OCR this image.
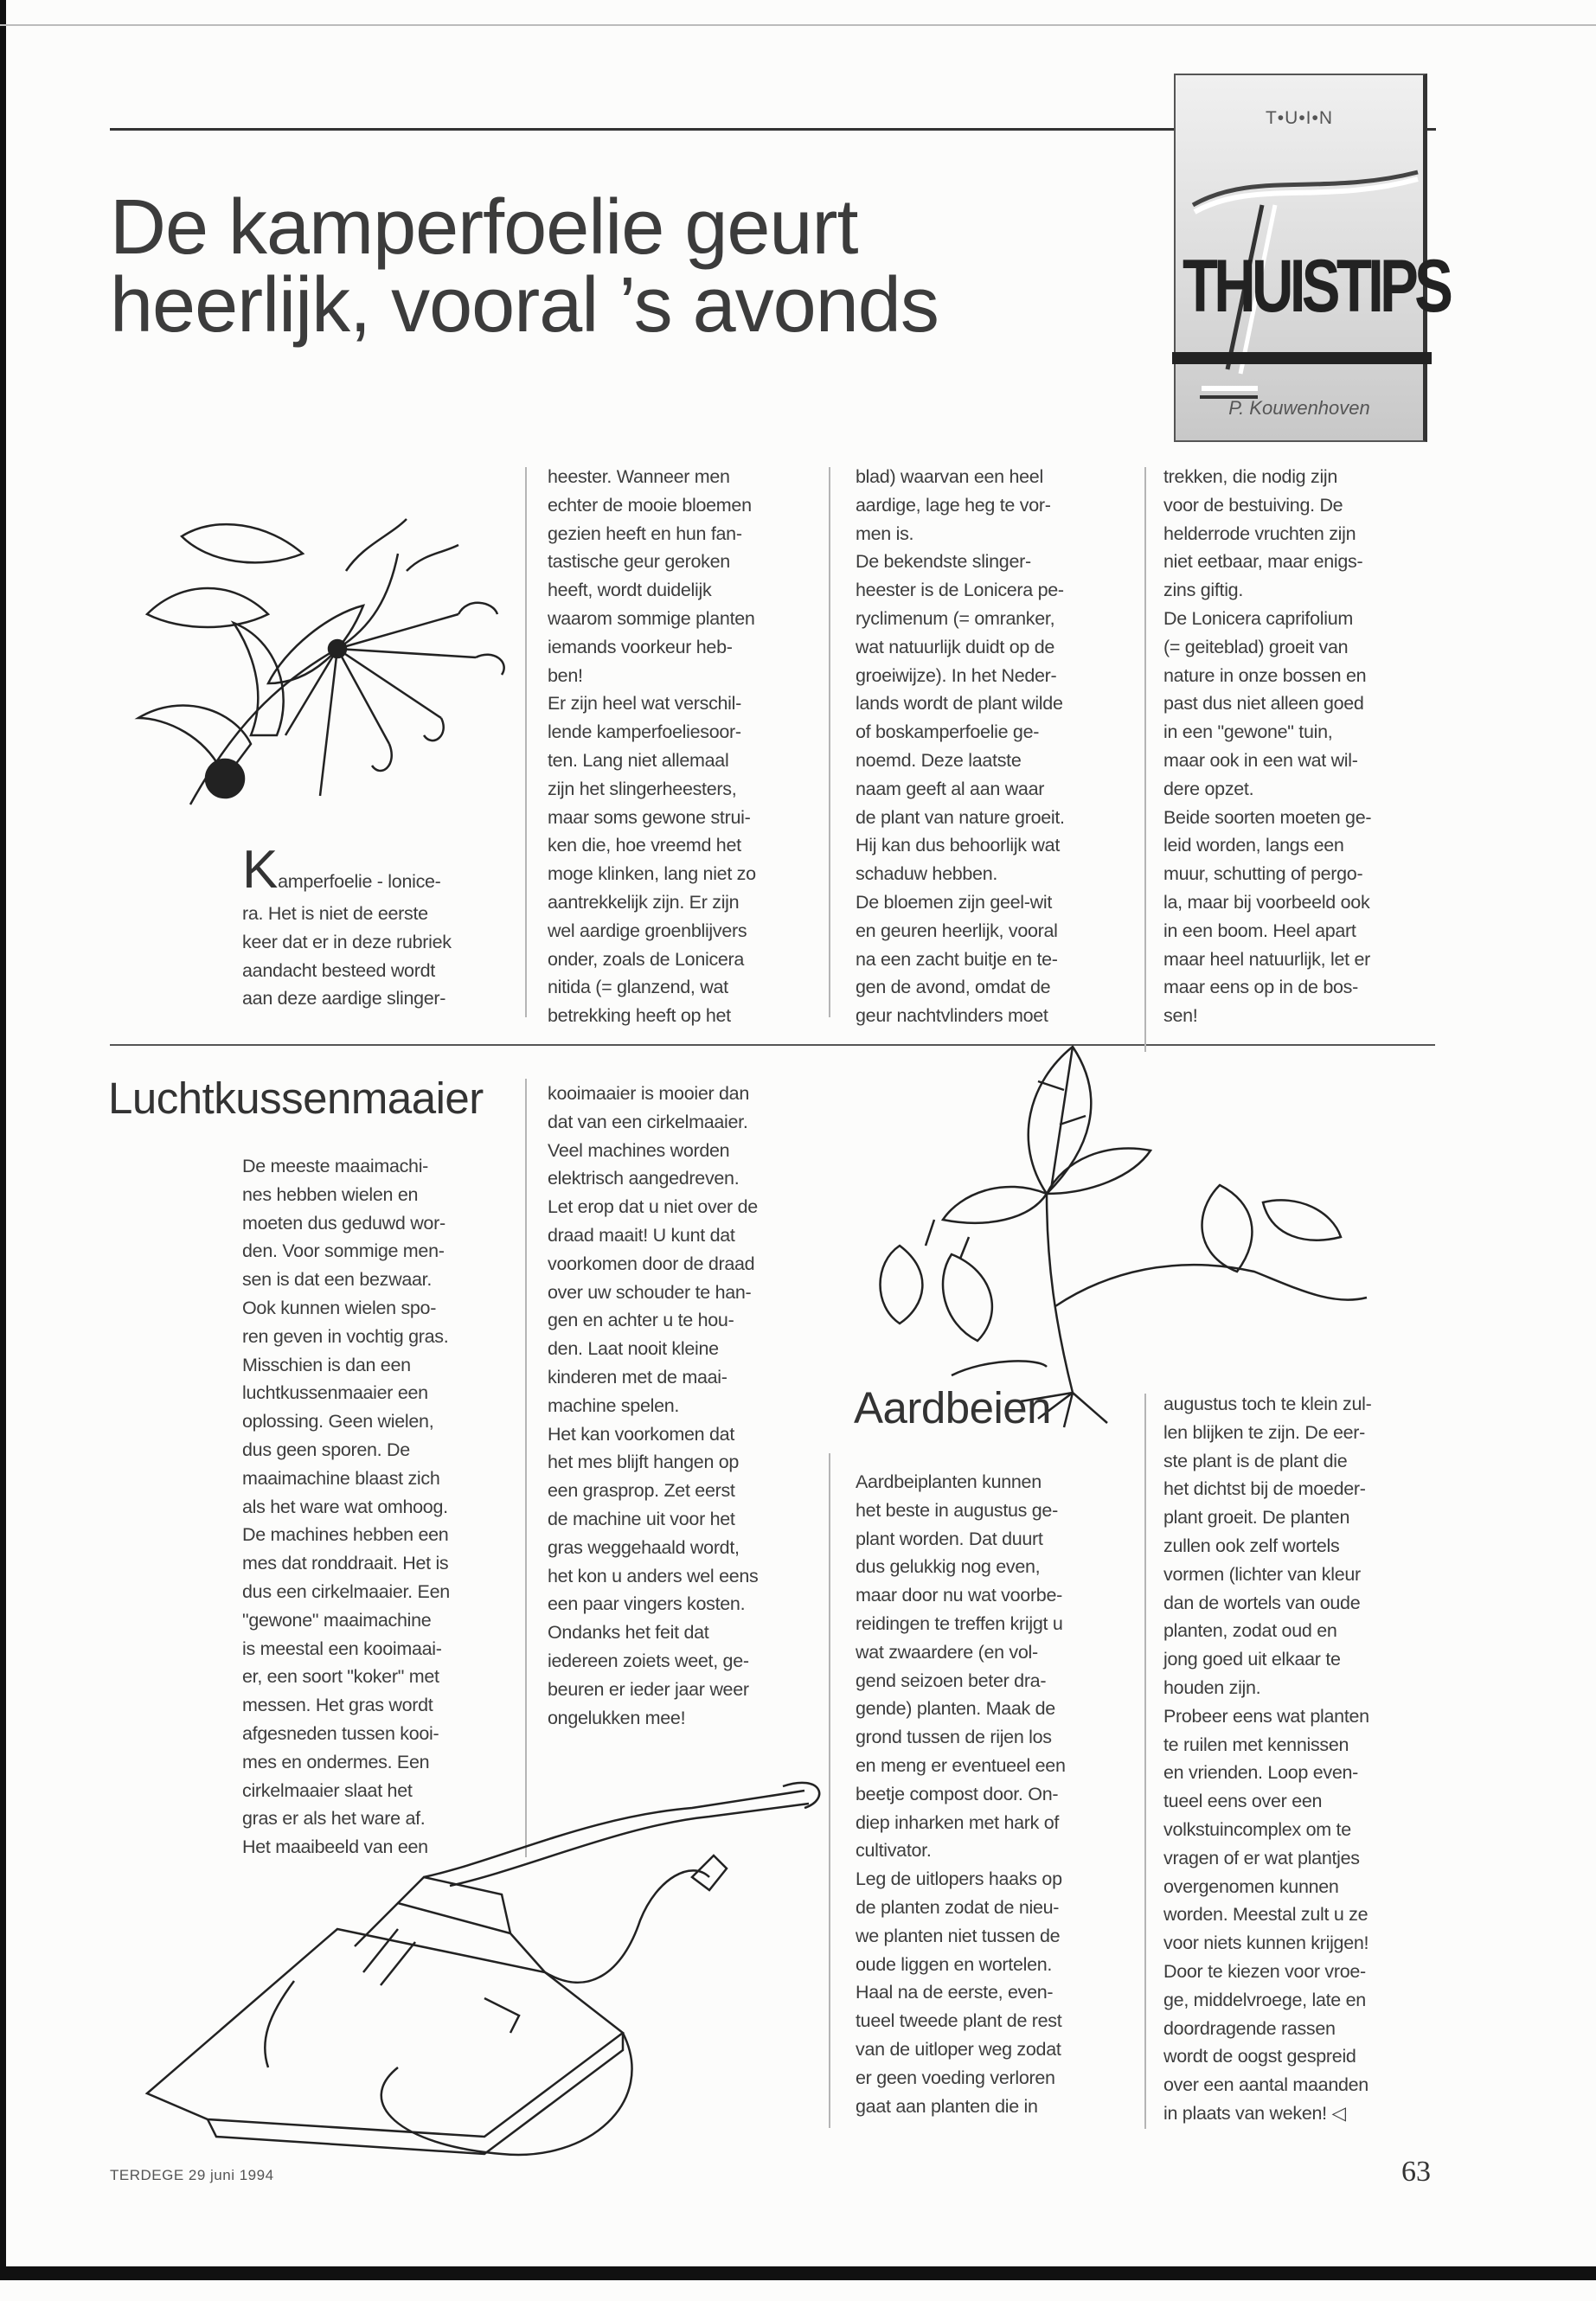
De kamperfoelie geurt
heerlijk, vooral ’s avonds
T•U•I•N
THUISTIPS
P. Kouwenhoven
Kamperfoelie - lonice-
ra. Het is niet de eerste
keer dat er in deze rubriek
aandacht besteed wordt
aan deze aardige slinger-
heester. Wanneer men
echter de mooie bloemen
gezien heeft en hun fan-
tastische geur geroken
heeft, wordt duidelijk
waarom sommige planten
iemands voorkeur heb-
ben!
Er zijn heel wat verschil-
lende kamperfoeliesoor-
ten. Lang niet allemaal
zijn het slingerheesters,
maar soms gewone strui-
ken die, hoe vreemd het
moge klinken, lang niet zo
aantrekkelijk zijn. Er zijn
wel aardige groenblijvers
onder, zoals de Lonicera
nitida (= glanzend, wat
betrekking heeft op het
blad) waarvan een heel
aardige, lage heg te vor-
men is.
De bekendste slinger-
heester is de Lonicera pe-
ryclimenum (= omranker,
wat natuurlijk duidt op de
groeiwijze). In het Neder-
lands wordt de plant wilde
of boskamperfoelie ge-
noemd. Deze laatste
naam geeft al aan waar
de plant van nature groeit.
Hij kan dus behoorlijk wat
schaduw hebben.
De bloemen zijn geel-wit
en geuren heerlijk, vooral
na een zacht buitje en te-
gen de avond, omdat de
geur nachtvlinders moet
trekken, die nodig zijn
voor de bestuiving. De
helderrode vruchten zijn
niet eetbaar, maar enigs-
zins giftig.
De Lonicera caprifolium
(= geiteblad) groeit van
nature in onze bossen en
past dus niet alleen goed
in een "gewone" tuin,
maar ook in een wat wil-
dere opzet.
Beide soorten moeten ge-
leid worden, langs een
muur, schutting of pergo-
la, maar bij voorbeeld ook
in een boom. Heel apart
maar heel natuurlijk, let er
maar eens op in de bos-
sen!
Luchtkussenmaaier
De meeste maaimachi-
nes hebben wielen en
moeten dus geduwd wor-
den. Voor sommige men-
sen is dat een bezwaar.
Ook kunnen wielen spo-
ren geven in vochtig gras.
Misschien is dan een
luchtkussenmaaier een
oplossing. Geen wielen,
dus geen sporen. De
maaimachine blaast zich
als het ware wat omhoog.
De machines hebben een
mes dat ronddraait. Het is
dus een cirkelmaaier. Een
"gewone" maaimachine
is meestal een kooimaai-
er, een soort "koker" met
messen. Het gras wordt
afgesneden tussen kooi-
mes en ondermes. Een
cirkelmaaier slaat het
gras er als het ware af.
Het maaibeeld van een
kooimaaier is mooier dan
dat van een cirkelmaaier.
Veel machines worden
elektrisch aangedreven.
Let erop dat u niet over de
draad maait! U kunt dat
voorkomen door de draad
over uw schouder te han-
gen en achter u te hou-
den. Laat nooit kleine
kinderen met de maai-
machine spelen.
Het kan voorkomen dat
het mes blijft hangen op
een grasprop. Zet eerst
de machine uit voor het
gras weggehaald wordt,
het kon u anders wel eens
een paar vingers kosten.
Ondanks het feit dat
iedereen zoiets weet, ge-
beuren er ieder jaar weer
ongelukken mee!
Aardbeien
Aardbeiplanten kunnen
het beste in augustus ge-
plant worden. Dat duurt
dus gelukkig nog even,
maar door nu wat voorbe-
reidingen te treffen krijgt u
wat zwaardere (en vol-
gend seizoen beter dra-
gende) planten. Maak de
grond tussen de rijen los
en meng er eventueel een
beetje compost door. On-
diep inharken met hark of
cultivator.
Leg de uitlopers haaks op
de planten zodat de nieu-
we planten niet tussen de
oude liggen en wortelen.
Haal na de eerste, even-
tueel tweede plant de rest
van de uitloper weg zodat
er geen voeding verloren
gaat aan planten die in
augustus toch te klein zul-
len blijken te zijn. De eer-
ste plant is de plant die
het dichtst bij de moeder-
plant groeit. De planten
zullen ook zelf wortels
vormen (lichter van kleur
dan de wortels van oude
planten, zodat oud en
jong goed uit elkaar te
houden zijn.
Probeer eens wat planten
te ruilen met kennissen
en vrienden. Loop even-
tueel eens over een
volkstuincomplex om te
vragen of er wat plantjes
overgenomen kunnen
worden. Meestal zult u ze
voor niets kunnen krijgen!
Door te kiezen voor vroe-
ge, middelvroege, late en
doordragende rassen
wordt de oogst gespreid
over een aantal maanden
in plaats van weken! ◁
TERDEGE 29 juni 1994	63
